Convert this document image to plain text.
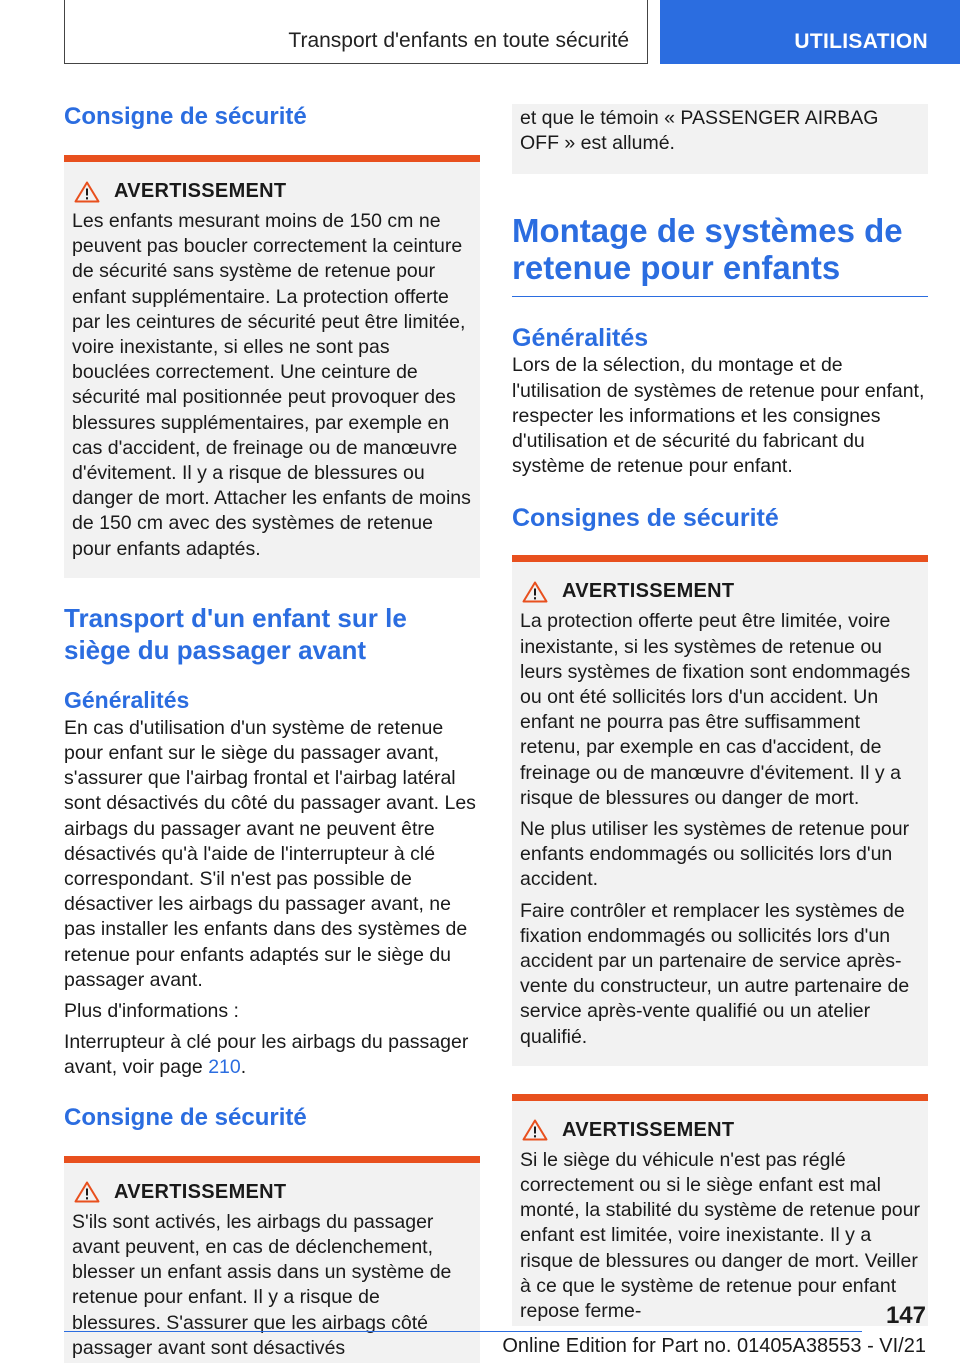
Transport d'enfants en toute sécurité	UTILISATION
Consigne de sécurité
AVERTISSEMENT

Les enfants mesurant moins de 150 cm ne peuvent pas boucler correctement la ceinture de sécurité sans système de retenue pour enfant supplémentaire. La protection offerte par les ceintures de sécurité peut être limitée, voire inexistante, si elles ne sont pas bouclées correctement. Une ceinture de sécurité mal positionnée peut provoquer des blessures supplémentaires, par exemple en cas d'accident, de freinage ou de manœuvre d'évitement. Il y a risque de blessures ou danger de mort. Attacher les enfants de moins de 150 cm avec des systèmes de retenue pour enfants adaptés.

Transport d'un enfant sur le siège du passager avant
Généralités

En cas d'utilisation d'un système de retenue pour enfant sur le siège du passager avant, s'assurer que l'airbag frontal et l'airbag latéral sont désactivés du côté du passager avant. Les airbags du passager avant ne peuvent être désactivés qu'à l'aide de l'interrupteur à clé correspondant. S'il n'est pas possible de désactiver les airbags du passager avant, ne pas installer les enfants dans des systèmes de retenue pour enfants adaptés sur le siège du passager avant.

Plus d'informations :

Interrupteur à clé pour les airbags du passager avant, voir page 210.

Consigne de sécurité
AVERTISSEMENT

S'ils sont activés, les airbags du passager avant peuvent, en cas de déclenchement, blesser un enfant assis dans un système de retenue pour enfant. Il y a risque de blessures. S'assurer que les airbags côté passager avant sont désactivés

et que le témoin « PASSENGER AIRBAG OFF » est allumé.

Montage de systèmes de retenue pour enfants
Généralités

Lors de la sélection, du montage et de l'utilisation de systèmes de retenue pour enfant, respecter les informations et les consignes d'utilisation et de sécurité du fabricant du système de retenue pour enfant.

Consignes de sécurité
AVERTISSEMENT

La protection offerte peut être limitée, voire inexistante, si les systèmes de retenue ou leurs systèmes de fixation sont endommagés ou ont été sollicités lors d'un accident. Un enfant ne pourra pas être suffisamment retenu, par exemple en cas d'accident, de freinage ou de manœuvre d'évitement. Il y a risque de blessures ou danger de mort.

Ne plus utiliser les systèmes de retenue pour enfants endommagés ou sollicités lors d'un accident.

Faire contrôler et remplacer les systèmes de fixation endommagés ou sollicités lors d'un accident par un partenaire de service après-vente du constructeur, un autre partenaire de service après-vente qualifié ou un atelier qualifié.

AVERTISSEMENT

Si le siège du véhicule n'est pas réglé correctement ou si le siège enfant est mal monté, la stabilité du système de retenue pour enfant est limitée, voire inexistante. Il y a risque de blessures ou danger de mort. Veiller à ce que le système de retenue pour enfant repose ferme-	147
Online Edition for Part no. 01405A38553 - VI/21
